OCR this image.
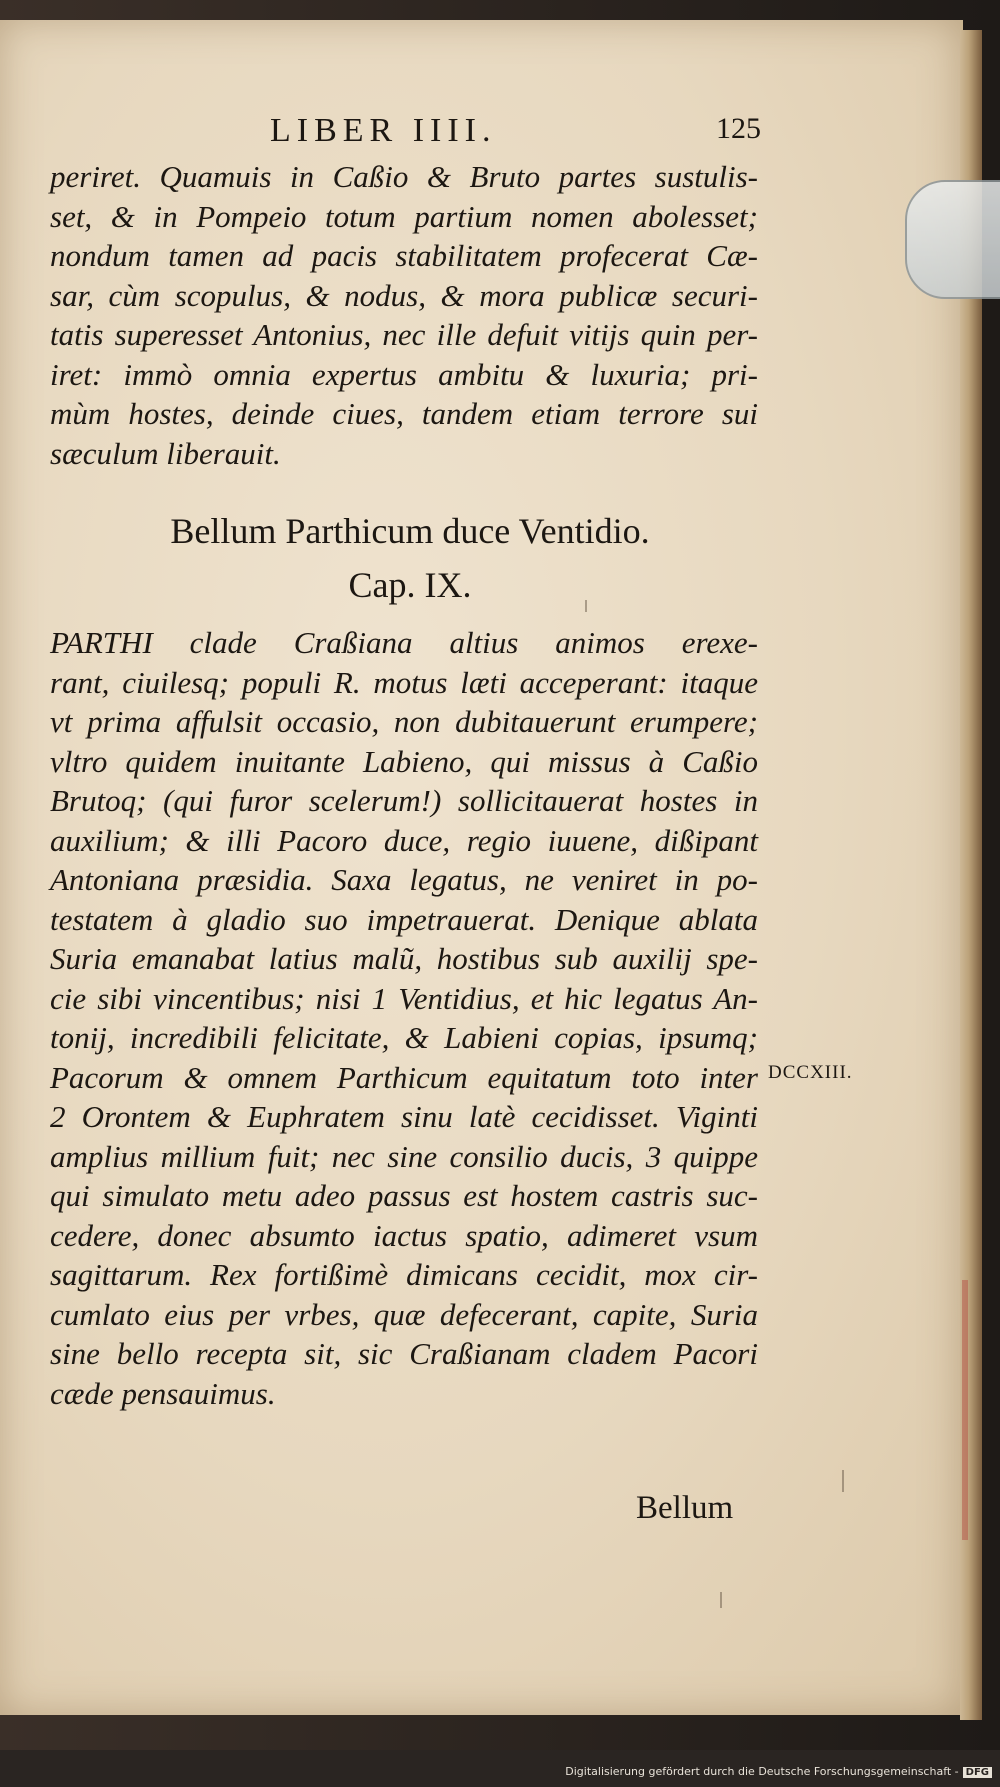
LIBER IIII.	125
periret. Quamuis in Caßio & Bruto partes sustulis-
set, & in Pompeio totum partium nomen abolesset;
nondum tamen ad pacis stabilitatem profecerat Cæ-
sar, cùm scopulus, & nodus, & mora publicæ securi-
tatis superesset Antonius, nec ille defuit vitijs quin per-
iret: immò omnia expertus ambitu & luxuria; pri-
mùm hostes, deinde ciues, tandem etiam terrore sui
sæculum liberauit.
Bellum Parthicum duce Ventidio.
Cap. IX.
PARTHI clade Craßiana altius animos erexe-
rant, ciuilesq; populi R. motus læti acceperant: itaque
vt prima affulsit occasio, non dubitauerunt erumpere;
vltro quidem inuitante Labieno, qui missus à Caßio
Brutoq; (qui furor scelerum!) sollicitauerat hostes in
auxilium; & illi Pacoro duce, regio iuuene, dißipant
Antoniana præsidia. Saxa legatus, ne veniret in po-
testatem à gladio suo impetrauerat. Denique ablata
Suria emanabat latius malũ, hostibus sub auxilij spe-
cie sibi vincentibus; nisi 1 Ventidius, et hic legatus An-
tonij, incredibili felicitate, & Labieni copias, ipsumq;
Pacorum & omnem Parthicum equitatum toto inter
2 Orontem & Euphratem sinu latè cecidisset. Viginti
amplius millium fuit; nec sine consilio ducis, 3 quippe
qui simulato metu adeo passus est hostem castris suc-
cedere, donec absumto iactus spatio, adimeret vsum
sagittarum. Rex fortißimè dimicans cecidit, mox cir-
cumlato eius per vrbes, quæ defecerant, capite, Suria
sine bello recepta sit, sic Craßianam cladem Pacori
cæde pensauimus.
DCCXIII.
Bellum
Digitalisierung gefördert durch die Deutsche Forschungsgemeinschaft - DFG
